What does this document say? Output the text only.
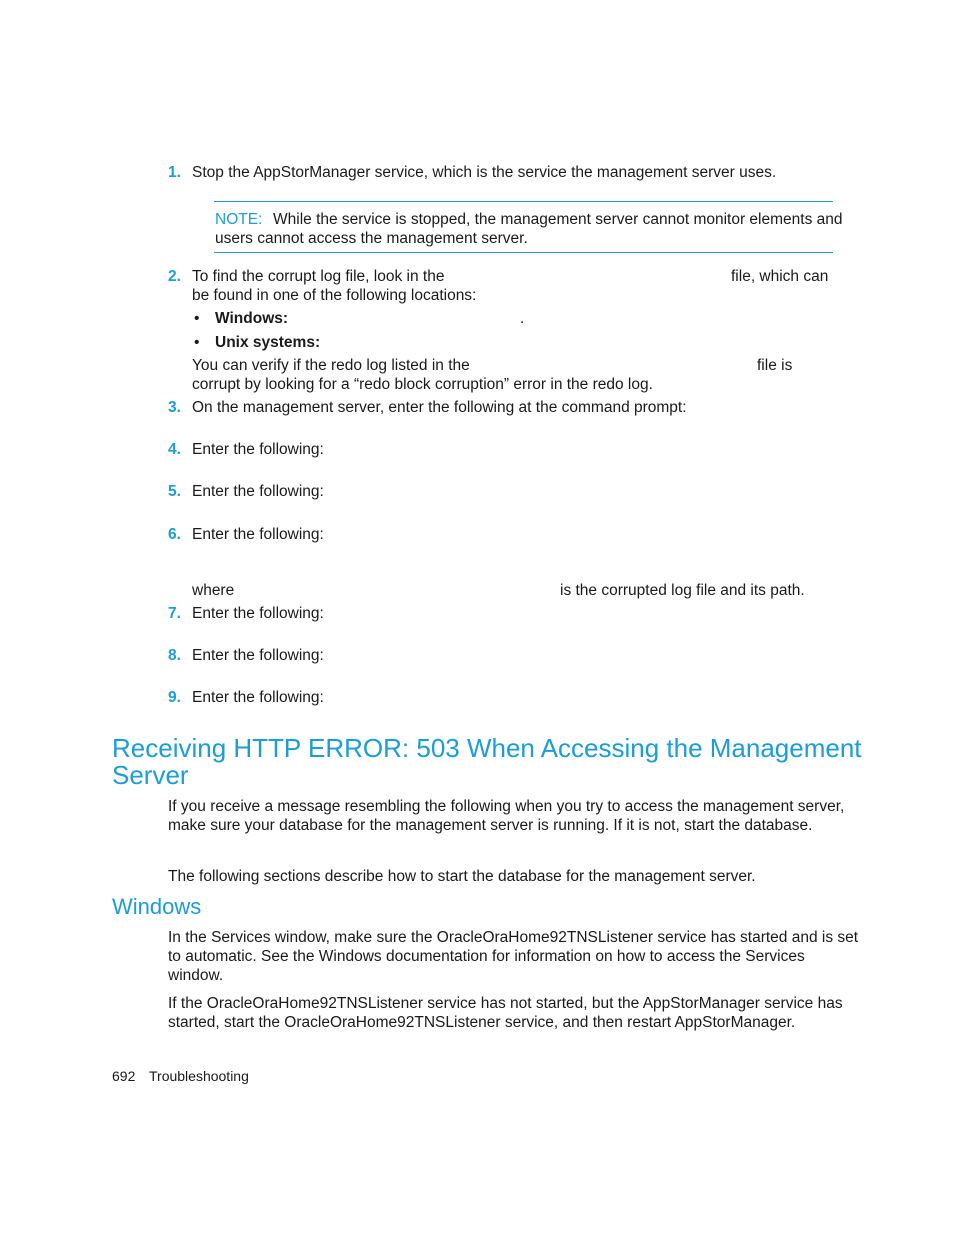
1. Stop the AppStorManager service, which is the service the management server uses.
NOTE: While the service is stopped, the management server cannot monitor elements and
users cannot access the management server.
2. To find the corrupt log file, look in the	file, which can
be found in one of the following locations:
• Windows:	.
• Unix systems:
You can verify if the redo log listed in the	file is
corrupt by looking for a “redo block corruption” error in the redo log.
3. On the management server, enter the following at the command prompt:
4. Enter the following:
5. Enter the following:
6. Enter the following:
where	is the corrupted log file and its path.
7. Enter the following:
8. Enter the following:
9. Enter the following:
Receiving HTTP ERROR: 503 When Accessing the Management
Server
If you receive a message resembling the following when you try to access the management server,
make sure your database for the management server is running. If it is not, start the database.
The following sections describe how to start the database for the management server.
Windows
In the Services window, make sure the OracleOraHome92TNSListener service has started and is set
to automatic. See the Windows documentation for information on how to access the Services
window.
If the OracleOraHome92TNSListener service has not started, but the AppStorManager service has
started, start the OracleOraHome92TNSListener service, and then restart AppStorManager.
692 Troubleshooting
